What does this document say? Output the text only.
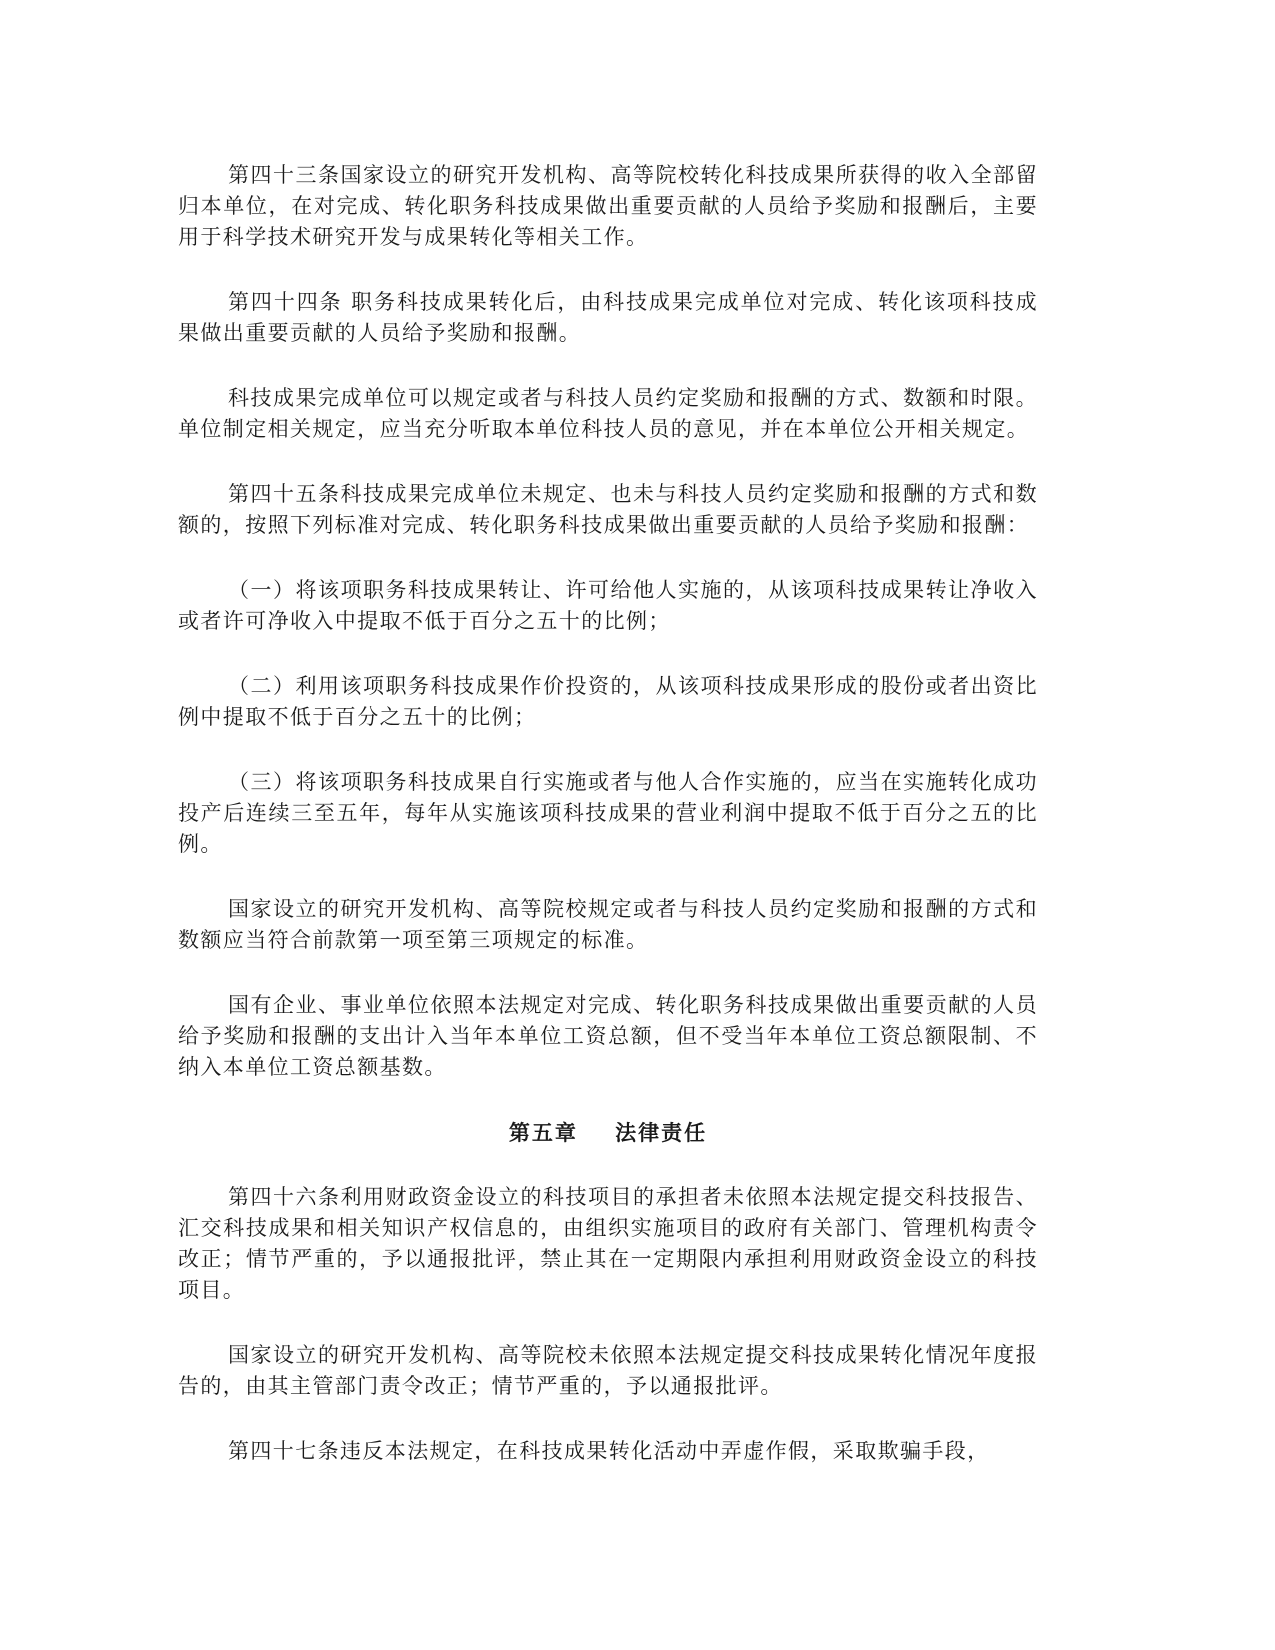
第四十三条国家设立的研究开发机构、高等院校转化科技成果所获得的收入全部留归本单位，在对完成、转化职务科技成果做出重要贡献的人员给予奖励和报酬后，主要用于科学技术研究开发与成果转化等相关工作。

第四十四条 职务科技成果转化后，由科技成果完成单位对完成、转化该项科技成果做出重要贡献的人员给予奖励和报酬。

科技成果完成单位可以规定或者与科技人员约定奖励和报酬的方式、数额和时限。单位制定相关规定，应当充分听取本单位科技人员的意见，并在本单位公开相关规定。

第四十五条科技成果完成单位未规定、也未与科技人员约定奖励和报酬的方式和数额的，按照下列标准对完成、转化职务科技成果做出重要贡献的人员给予奖励和报酬：

（一）将该项职务科技成果转让、许可给他人实施的，从该项科技成果转让净收入或者许可净收入中提取不低于百分之五十的比例；

（二）利用该项职务科技成果作价投资的，从该项科技成果形成的股份或者出资比例中提取不低于百分之五十的比例；

（三）将该项职务科技成果自行实施或者与他人合作实施的，应当在实施转化成功投产后连续三至五年，每年从实施该项科技成果的营业利润中提取不低于百分之五的比例。

国家设立的研究开发机构、高等院校规定或者与科技人员约定奖励和报酬的方式和数额应当符合前款第一项至第三项规定的标准。

国有企业、事业单位依照本法规定对完成、转化职务科技成果做出重要贡献的人员给予奖励和报酬的支出计入当年本单位工资总额，但不受当年本单位工资总额限制、不纳入本单位工资总额基数。

第五章    法律责任

第四十六条利用财政资金设立的科技项目的承担者未依照本法规定提交科技报告、汇交科技成果和相关知识产权信息的，由组织实施项目的政府有关部门、管理机构责令改正；情节严重的，予以通报批评，禁止其在一定期限内承担利用财政资金设立的科技项目。

国家设立的研究开发机构、高等院校未依照本法规定提交科技成果转化情况年度报告的，由其主管部门责令改正；情节严重的，予以通报批评。

第四十七条违反本法规定，在科技成果转化活动中弄虚作假，采取欺骗手段，
